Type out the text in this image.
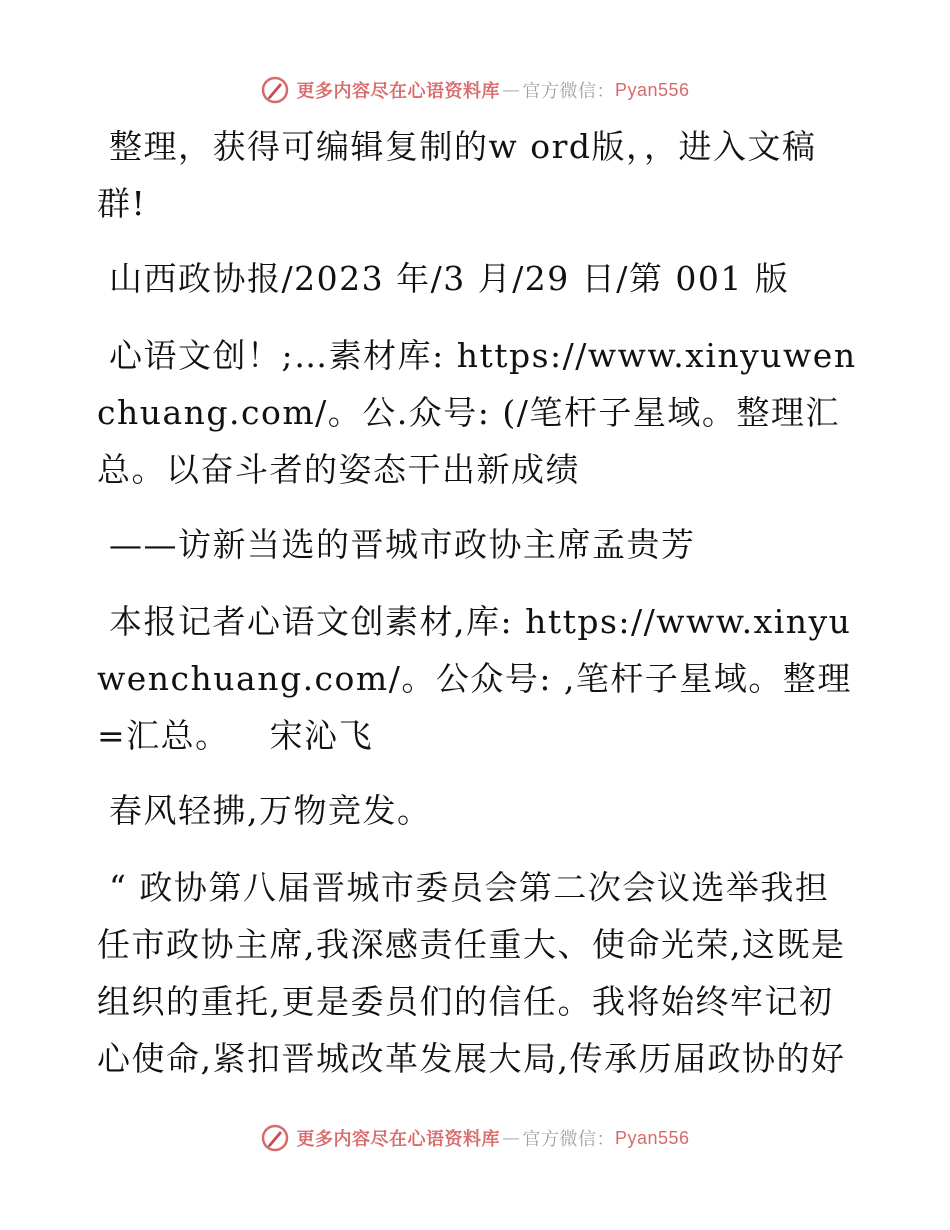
更多内容尽在心语资料库 — 官方微信： Pyan556

整理，获得可编辑复制的w ord版，，进入文稿群!

山西政协报/2023 年/3 月/29 日/第 001 版

心语文创！;…素材库: https://www.xinyuwenchuang.com/。公.众号: (/笔杆子星域。整理汇总。以奋斗者的姿态干出新成绩

——访新当选的晋城市政协主席孟贵芳

本报记者心语文创素材,库: https://www.xinyuwenchuang.com/。公众号: ,笔杆子星域。整理=汇总。 宋沁飞

春风轻拂,万物竞发。

“ 政协第八届晋城市委员会第二次会议选举我担任市政协主席,我深感责任重大、使命光荣,这既是组织的重托,更是委员们的信任。我将始终牢记初心使命,紧扣晋城改革发展大局,传承历届政协的好

更多内容尽在心语资料库 — 官方微信： Pyan556
